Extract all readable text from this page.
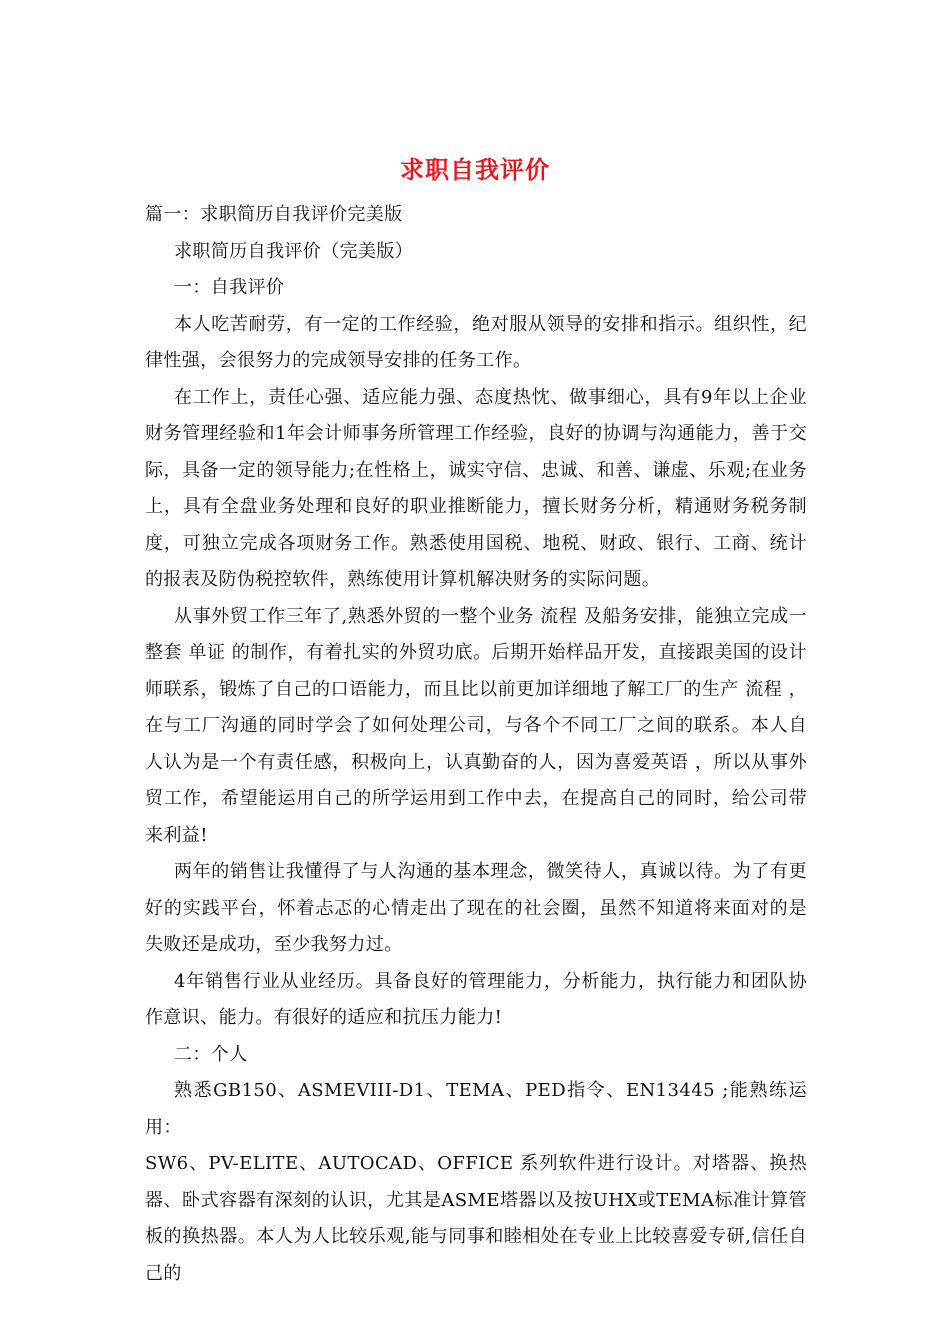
求职自我评价

篇一：求职简历自我评价完美版

求职简历自我评价（完美版）

一：自我评价

本人吃苦耐劳，有一定的工作经验，绝对服从领导的安排和指示。组织性，纪律性强，会很努力的完成领导安排的任务工作。

在工作上，责任心强、适应能力强、态度热忱、做事细心，具有9年以上企业财务管理经验和1年会计师事务所管理工作经验，良好的协调与沟通能力，善于交际，具备一定的领导能力;在性格上，诚实守信、忠诚、和善、谦虚、乐观;在业务上，具有全盘业务处理和良好的职业推断能力，擅长财务分析，精通财务税务制度，可独立完成各项财务工作。熟悉使用国税、地税、财政、银行、工商、统计的报表及防伪税控软件，熟练使用计算机解决财务的实际问题。

从事外贸工作三年了,熟悉外贸的一整个业务 流程 及船务安排，能独立完成一整套 单证 的制作，有着扎实的外贸功底。后期开始样品开发，直接跟美国的设计师联系，锻炼了自己的口语能力，而且比以前更加详细地了解工厂的生产 流程 ，在与工厂沟通的同时学会了如何处理公司，与各个不同工厂之间的联系。本人自人认为是一个有责任感，积极向上，认真勤奋的人，因为喜爱英语 ，所以从事外贸工作，希望能运用自己的所学运用到工作中去，在提高自己的同时，给公司带来利益!

两年的销售让我懂得了与人沟通的基本理念，微笑待人，真诚以待。为了有更好的实践平台，怀着忐忑的心情走出了现在的社会圈，虽然不知道将来面对的是失败还是成功，至少我努力过。

4年销售行业从业经历。具备良好的管理能力，分析能力，执行能力和团队协作意识、能力。有很好的适应和抗压力能力!

二：个人

熟悉GB150、ASMEVIII-D1、TEMA、PED指令、EN13445 ;能熟练运用：

SW6、PV-ELITE、AUTOCAD、OFFICE 系列软件进行设计。对塔器、换热器、卧式容器有深刻的认识，尤其是ASME塔器以及按UHX或TEMA标准计算管板的换热器。本人为人比较乐观,能与同事和睦相处在专业上比较喜爱专研,信任自己的
